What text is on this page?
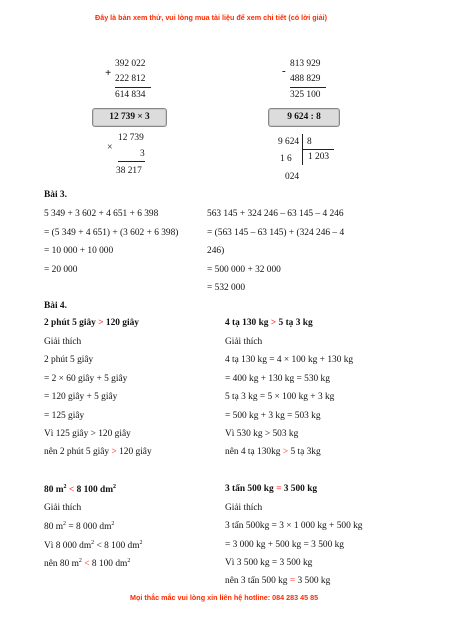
Đây là bản xem thử, vui lòng mua tài liệu để xem chi tiết (có lời giải)
+
392 022
222 812
614 834
-
813 929
488 829
325 100
12 739 × 3	9 624 : 8
×
12 739
3
38 217
9 624 8
1 6 1 203
024
Bài 3.
5 349 + 3 602 + 4 651 + 6 398
= (5 349 + 4 651) + (3 602 + 6 398)
= 10 000 + 10 000
= 20 000
563 145 + 324 246 – 63 145 – 4 246
= (563 145 – 63 145) + (324 246 – 4
246)
= 500 000 + 32 000
= 532 000
Bài 4.
2 phút 5 giây > 120 giây
Giải thích
2 phút 5 giây
= 2 × 60 giây + 5 giây
= 120 giây + 5 giây
= 125 giây
Vì 125 giây > 120 giây
nên 2 phút 5 giây > 120 giây
4 tạ 130 kg > 5 tạ 3 kg
Giải thích
4 tạ 130 kg = 4 × 100 kg + 130 kg
= 400 kg + 130 kg = 530 kg
5 tạ 3 kg = 5 × 100 kg + 3 kg
= 500 kg + 3 kg = 503 kg
Vì 530 kg > 503 kg
nên 4 tạ 130kg > 5 tạ 3kg
80 $m^2 < 8$ 100 $dm^2$
Giải thích
80 $m^2 = 8$ 000 $dm^2$
Vì 8 000 $dm^2 < 8$ 100 $dm^2$
nên 80 $m^2 < 8$ 100 $dm^2$
3 tấn 500 kg = 3 500 kg
Giải thích
3 tấn 500kg = 3 × 1 000 kg + 500 kg
= 3 000 kg + 500 kg = 3 500 kg
Vì 3 500 kg = 3 500 kg
nên 3 tấn 500 kg = 3 500 kg
Mọi thắc mắc vui lòng xin liên hệ hotline: 084 283 45 85
